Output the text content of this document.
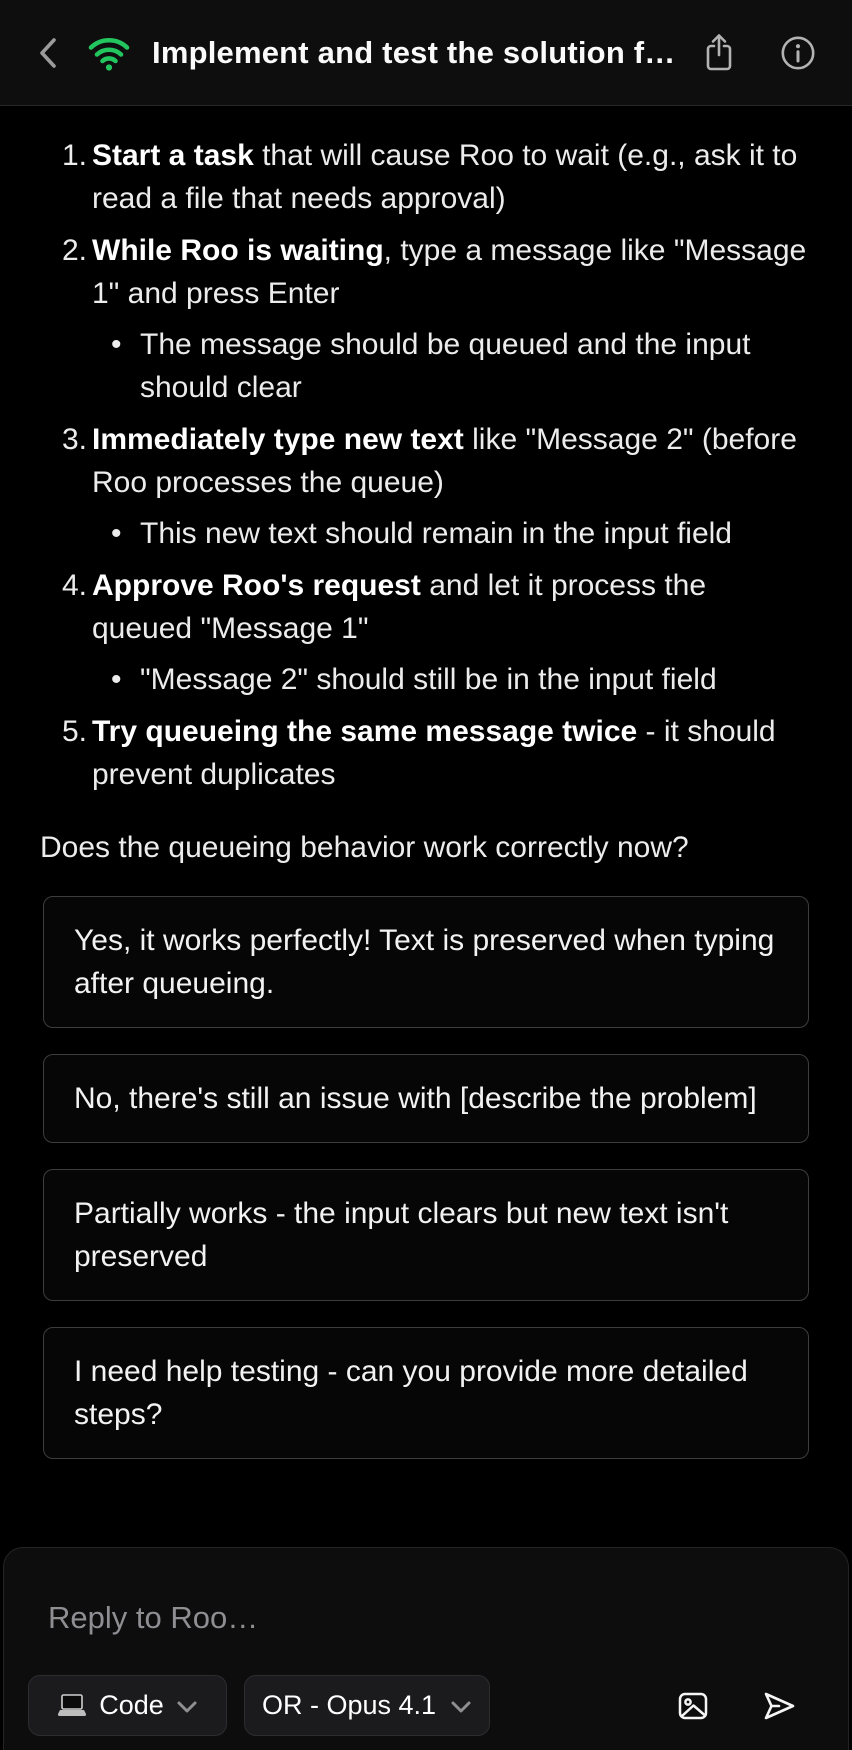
Implement and test the solution f…
1. Start a task that will cause Roo to wait (e.g., ask it to read a file that needs approval)
2. While Roo is waiting, type a message like "Message 1" and press Enter
• The message should be queued and the input should clear
3. Immediately type new text like "Message 2" (before Roo processes the queue)
• This new text should remain in the input field
4. Approve Roo's request and let it process the queued "Message 1"
• "Message 2" should still be in the input field
5. Try queueing the same message twice - it should prevent duplicates

Does the queueing behavior work correctly now?

Yes, it works perfectly! Text is preserved when typing after queueing.
No, there's still an issue with [describe the problem]
Partially works - the input clears but new text isn't preserved
I need help testing - can you provide more detailed steps?
Reply to Roo…
Code	OR - Opus 4.1
